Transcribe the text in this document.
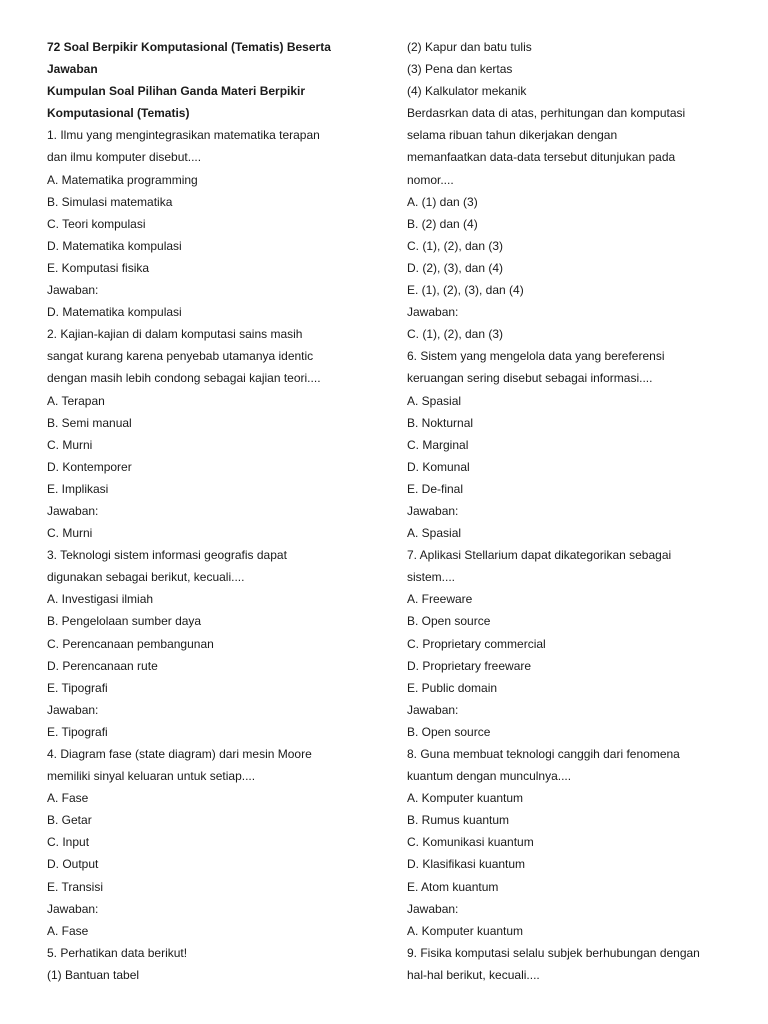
72 Soal Berpikir Komputasional (Tematis) Beserta
Jawaban
Kumpulan Soal Pilihan Ganda Materi Berpikir
Komputasional (Tematis)
1. Ilmu yang mengintegrasikan matematika terapan
dan ilmu komputer disebut....
A. Matematika programming
B. Simulasi matematika
C. Teori kompulasi
D. Matematika kompulasi
E. Komputasi fisika
Jawaban:
D. Matematika kompulasi
2. Kajian-kajian di dalam komputasi sains masih
sangat kurang karena penyebab utamanya identic
dengan masih lebih condong sebagai kajian teori....
A. Terapan
B. Semi manual
C. Murni
D. Kontemporer
E. Implikasi
Jawaban:
C. Murni
3. Teknologi sistem informasi geografis dapat
digunakan sebagai berikut, kecuali....
A. Investigasi ilmiah
B. Pengelolaan sumber daya
C. Perencanaan pembangunan
D. Perencanaan rute
E. Tipografi
Jawaban:
E. Tipografi
4. Diagram fase (state diagram) dari mesin Moore
memiliki sinyal keluaran untuk setiap....
A. Fase
B. Getar
C. Input
D. Output
E. Transisi
Jawaban:
A. Fase
5. Perhatikan data berikut!
(1) Bantuan tabel
(2) Kapur dan batu tulis
(3) Pena dan kertas
(4) Kalkulator mekanik
Berdasrkan data di atas, perhitungan dan komputasi
selama ribuan tahun dikerjakan dengan
memanfaatkan data-data tersebut ditunjukan pada
nomor....
A. (1) dan (3)
B. (2) dan (4)
C. (1), (2), dan (3)
D. (2), (3), dan (4)
E. (1), (2), (3), dan (4)
Jawaban:
C. (1), (2), dan (3)
6. Sistem yang mengelola data yang bereferensi
keruangan sering disebut sebagai informasi....
A. Spasial
B. Nokturnal
C. Marginal
D. Komunal
E. De-final
Jawaban:
A. Spasial
7. Aplikasi Stellarium dapat dikategorikan sebagai
sistem....
A. Freeware
B. Open source
C. Proprietary commercial
D. Proprietary freeware
E. Public domain
Jawaban:
B. Open source
8. Guna membuat teknologi canggih dari fenomena
kuantum dengan munculnya....
A. Komputer kuantum
B. Rumus kuantum
C. Komunikasi kuantum
D. Klasifikasi kuantum
E. Atom kuantum
Jawaban:
A. Komputer kuantum
9. Fisika komputasi selalu subjek berhubungan dengan
hal-hal berikut, kecuali....
